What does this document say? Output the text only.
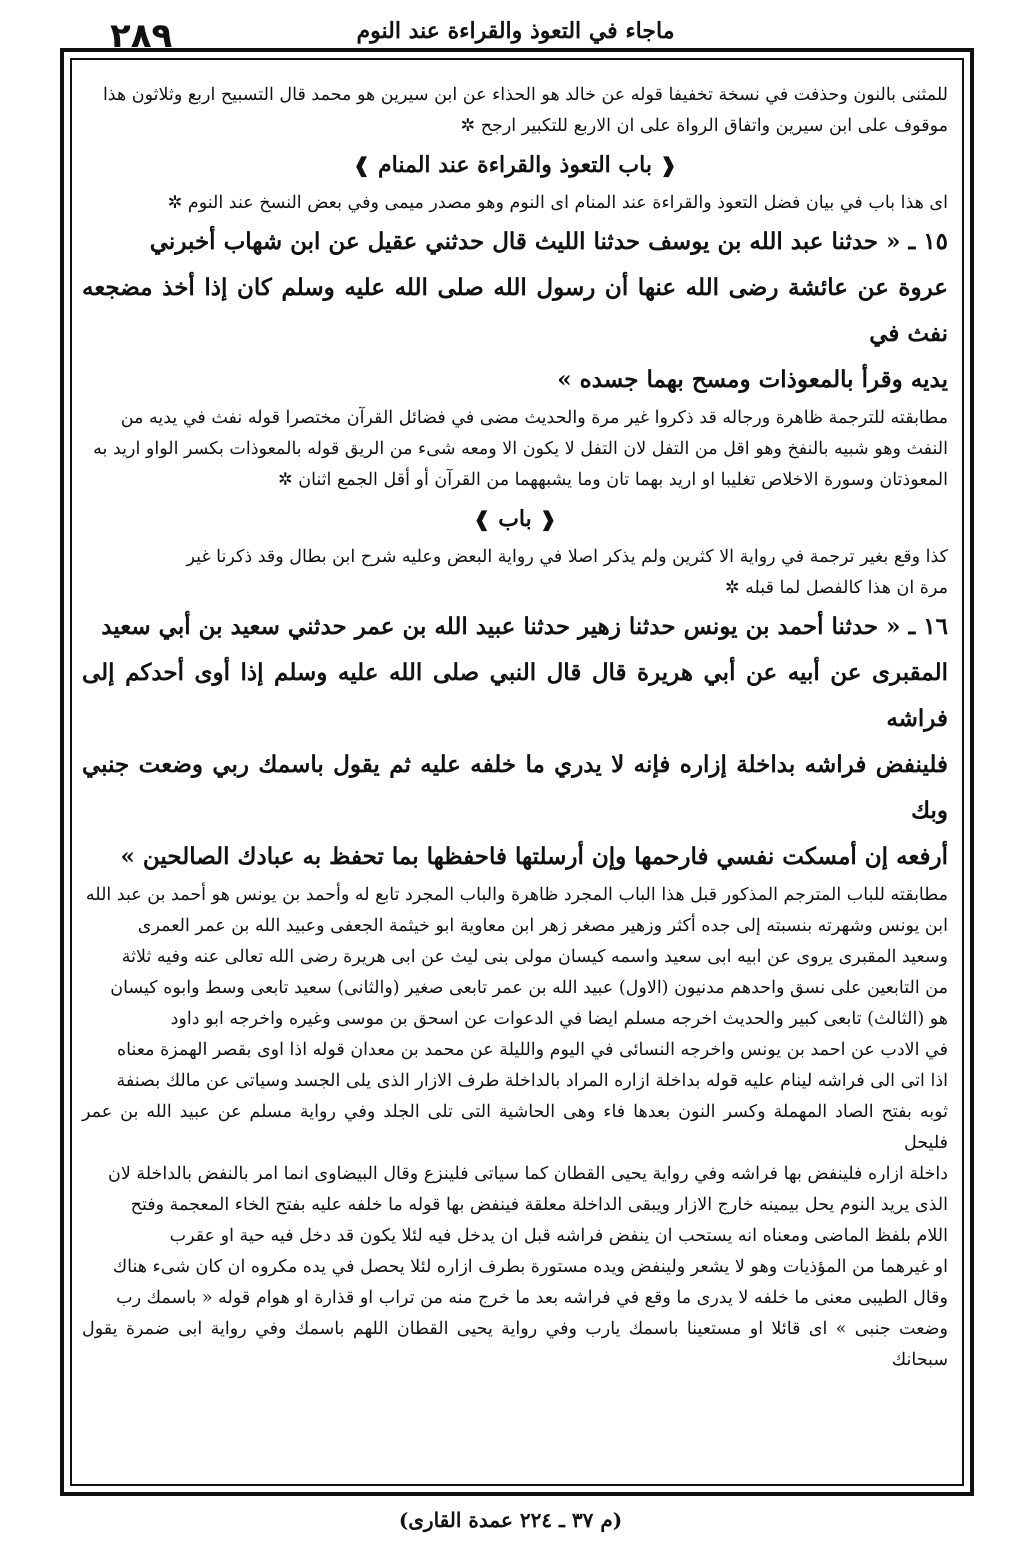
٢٨٩	ماجاء في التعوذ والقراءة عند النوم

للمثنى بالنون وحذفت في نسخة تخفيفا قوله عن خالد هو الحذاء عن ابن سيرين هو محمد قال التسبيح اربع وثلاثون هذا

موقوف على ابن سيرين واتفاق الرواة على ان الاربع للتكبير ارجح ✲

❰باب التعوذ والقراءة عند المنام❱

اى هذا باب في بيان فضل التعوذ والقراءة عند المنام اى النوم وهو مصدر ميمى وفي بعض النسخ عند النوم ✲

١٥ ـ « حدثنا عبد الله بن يوسف حدثنا الليث قال حدثني عقيل عن ابن شهاب أخبرني

عروة عن عائشة رضى الله عنها أن رسول الله صلى الله عليه وسلم كان إذا أخذ مضجعه نفث في

يديه وقرأ بالمعوذات ومسح بهما جسده »

مطابقته للترجمة ظاهرة ورجاله قد ذكروا غير مرة والحديث مضى في فضائل القرآن مختصرا قوله نفث في يديه من

النفث وهو شبيه بالنفخ وهو اقل من التفل لان التفل لا يكون الا ومعه شىء من الريق قوله بالمعوذات بكسر الواو اريد به

المعوذتان وسورة الاخلاص تغليبا او اريد بهما تان وما يشبههما من القرآن أو أقل الجمع اثنان ✲

❰باب❱

كذا وقع بغير ترجمة في رواية الا كثرين ولم يذكر اصلا في رواية البعض وعليه شرح ابن بطال وقد ذكرنا غير

مرة ان هذا كالفصل لما قبله ✲

١٦ ـ « حدثنا أحمد بن يونس حدثنا زهير حدثنا عبيد الله بن عمر حدثني سعيد بن أبي سعيد

المقبرى عن أبيه عن أبي هريرة قال قال النبي صلى الله عليه وسلم إذا أوى أحدكم إلى فراشه

فلينفض فراشه بداخلة إزاره فإنه لا يدري ما خلفه عليه ثم يقول باسمك ربي وضعت جنبي وبك

أرفعه إن أمسكت نفسي فارحمها وإن أرسلتها فاحفظها بما تحفظ به عبادك الصالحين »

مطابقته للباب المترجم المذكور قبل هذا الباب المجرد ظاهرة والباب المجرد تابع له وأحمد بن يونس هو أحمد بن عبد الله

ابن يونس وشهرته بنسبته إلى جده أكثر وزهير مصغر زهر ابن معاوية ابو خيثمة الجعفى وعبيد الله بن عمر العمرى

وسعيد المقبرى يروى عن ابيه ابى سعيد واسمه كيسان مولى بنى ليث عن ابى هريرة رضى الله تعالى عنه وفيه ثلاثة

من التابعين على نسق واحدهم مدنيون (الاول) عبيد الله بن عمر تابعى صغير (والثانى) سعيد تابعى وسط وابوه كيسان

هو (الثالث) تابعى كبير والحديث اخرجه مسلم ايضا في الدعوات عن اسحق بن موسى وغيره واخرجه ابو داود

في الادب عن احمد بن يونس واخرجه النسائى في اليوم والليلة عن محمد بن معدان قوله اذا اوى بقصر الهمزة معناه

اذا اتى الى فراشه لينام عليه قوله بداخلة ازاره المراد بالداخلة طرف الازار الذى يلى الجسد وسياتى عن مالك بصنفة

ثوبه بفتح الصاد المهملة وكسر النون بعدها فاء وهى الحاشية التى تلى الجلد وفي رواية مسلم عن عبيد الله بن عمر فليحل

داخلة ازاره فلينفض بها فراشه وفي رواية يحيى القطان كما سياتى فلينزع وقال البيضاوى انما امر بالنفض بالداخلة لان

الذى يريد النوم يحل بيمينه خارج الازار ويبقى الداخلة معلقة فينفض بها قوله ما خلفه عليه بفتح الخاء المعجمة وفتح

اللام بلفظ الماضى ومعناه انه يستحب ان ينفض فراشه قبل ان يدخل فيه لئلا يكون قد دخل فيه حية او عقرب

او غيرهما من المؤذيات وهو لا يشعر ولينفض ويده مستورة بطرف ازاره لئلا يحصل في يده مكروه ان كان شىء هناك

وقال الطيبى معنى ما خلفه لا يدرى ما وقع في فراشه بعد ما خرج منه من تراب او قذارة او هوام قوله « باسمك رب

وضعت جنبى » اى قائلا او مستعينا باسمك يارب وفي رواية يحيى القطان اللهم باسمك وفي رواية ابى ضمرة يقول سبحانك

(م ٣٧ ـ ٢٢٤ عمدة القارى)
